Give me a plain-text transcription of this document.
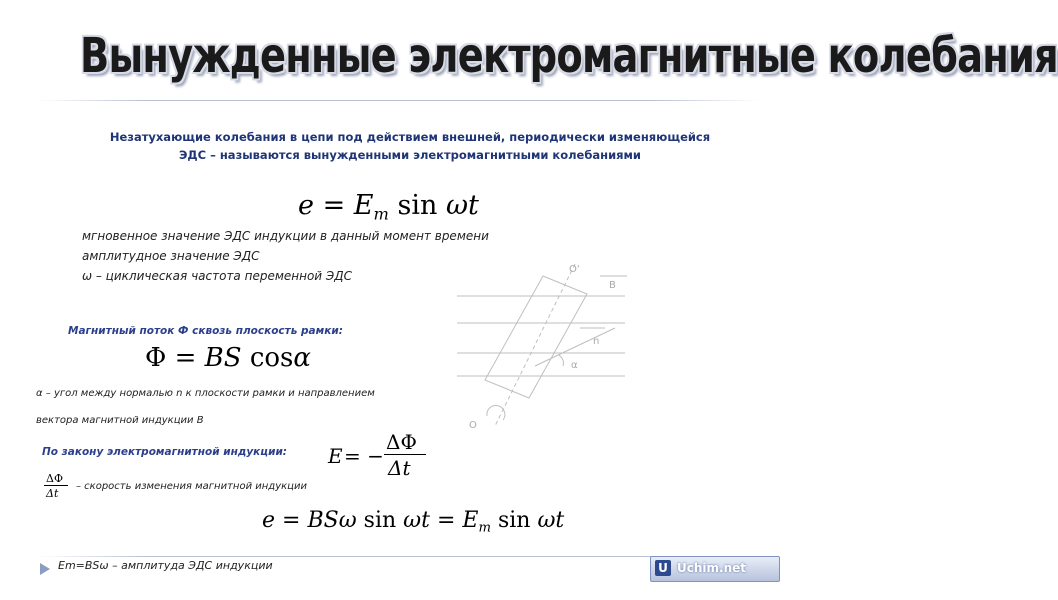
Вынужденные электромагнитные колебания
Незатухающие колебания в цепи под действием внешней, периодически изменяющейся
ЭДС – называются вынужденными электромагнитными колебаниями
$e = E_m$ sin ωt
мгновенное значение ЭДС индукции в данный момент времени
амплитудное значение ЭДС
ω – циклическая частота переменной ЭДС	O'
B
n
α
O
Магнитный поток Ф сквозь плоскость рамки:
Φ = BS cosα
α – угол между нормалью n к плоскости рамки и направлением
вектора магнитной индукции B
По закону электромагнитной индукции: E = −
ΔΦ
Δt
ΔΦ
Δt
– скорость изменения магнитной индукции
e = BSω $\sin \omega t = E_m$ sin ωt
Em=BSω – амплитуда ЭДС индукции	U Uchim.net
